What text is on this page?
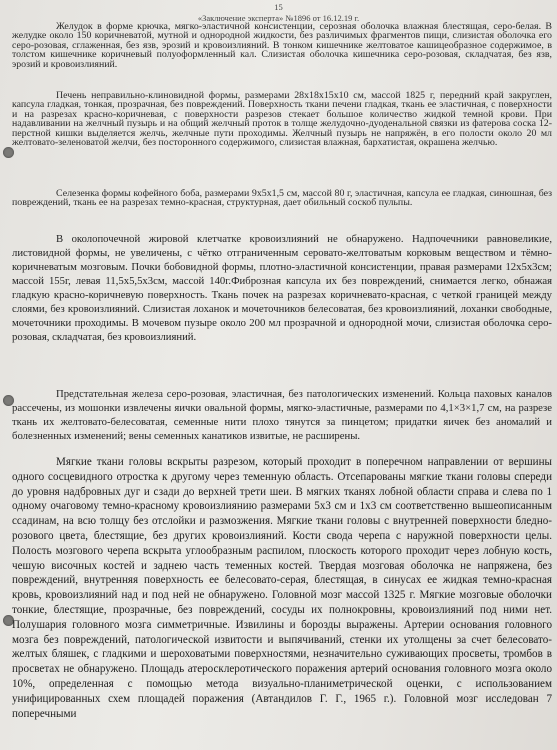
15
«Заключение эксперта» №1896 от 16.12.19 г.

Желудок в форме крючка, мягко-эластичной консистенции, серозная оболочка влажная блестящая, серо-белая. В желудке около 150 коричневатой, мутной и однородной жидкости, без различимых фрагментов пищи, слизистая оболочка его серо-розовая, сглаженная, без язв, эрозий и кровоизлияний. В тонком кишечнике желтоватое кашицеобразное содержимое, в толстом кишечнике коричневый полуоформленный кал. Слизистая оболочка кишечника серо-розовая, складчатая, без язв, эрозий и кровоизлияний.

Печень неправильно-клиновидной формы, размерами 28х18х15х10 см, массой 1825 г, передний край закруглен, капсула гладкая, тонкая, прозрачная, без повреждений. Поверхность ткани печени гладкая, ткань ее эластичная, с поверхности и на разрезах красно-коричневая, с поверхности разрезов стекает большое количество жидкой темной крови. При надавливании на желчный пузырь и на общий желчный проток в толще желудочно-дуоденальной связки из фатерова соска 12-перстной кишки выделяется желчь, желчные пути проходимы. Желчный пузырь не напряжён, в его полости около 20 мл желтовато-зеленоватой желчи, без посторонного содержимого, слизистая влажная, бархатистая, окрашена желчью.

Селезенка формы кофейного боба, размерами 9х5х1,5 см, массой 80 г, эластичная, капсула ее гладкая, синюшная, без повреждений, ткань ее на разрезах темно-красная, структурная, дает обильный соскоб пульпы.

В околопочечной жировой клетчатке кровоизлияний не обнаружено. Надпочечники равновеликие, листовидной формы, не увеличены, с чётко отграниченным серовато-желтоватым корковым веществом и тёмно-коричневатым мозговым. Почки бобовидной формы, плотно-эластичной консистенции, правая размерами 12х5х3см; массой 155г, левая 11,5х5,5х3см, массой 140г.Фиброзная капсула их без повреждений, снимается легко, обнажая гладкую красно-коричневую поверхность. Ткань почек на разрезах коричневато-красная, с четкой границей между слоями, без кровоизлияний. Слизистая лоханок и мочеточников белесоватая, без кровоизлияний, лоханки свободные, мочеточники проходимы. В мочевом пузыре около 200 мл прозрачной и однородной мочи, слизистая оболочка серо-розовая, складчатая, без кровоизлияний.

Предстательная железа серо-розовая, эластичная, без патологических изменений. Кольца паховых каналов рассечены, из мошонки извлечены яички овальной формы, мягко-эластичные, размерами по 4,1×3×1,7 см, на разрезе ткань их желтовато-белесоватая, семенные нити плохо тянутся за пинцетом; придатки яичек без аномалий и болезненных изменений; вены семенных канатиков извитые, не расширены.

Мягкие ткани головы вскрыты разрезом, который проходит в поперечном направлении от вершины одного сосцевидного отростка к другому через теменную область. Отсепарованы мягкие ткани головы спереди до уровня надбровных дуг и сзади до верхней трети шеи. В мягких тканях лобной области справа и слева по 1 одному очаговому темно-красному кровоизлиянию размерами 5х3 см и 1х3 см соответственно вышеописанным ссадинам, на всю толщу без отслойки и размозжения. Мягкие ткани головы с внутренней поверхности бледно-розового цвета, блестящие, без других кровоизлияний. Кости свода черепа с наружной поверхности целы. Полость мозгового черепа вскрыта углообразным распилом, плоскость которого проходит через лобную кость, чешую височных костей и заднею часть теменных костей. Твердая мозговая оболочка не напряжена, без повреждений, внутренняя поверхность ее белесовато-серая, блестящая, в синусах ее жидкая темно-красная кровь, кровоизлияний над и под ней не обнаружено. Головной мозг массой 1325 г. Мягкие мозговые оболочки тонкие, блестящие, прозрачные, без повреждений, сосуды их полнокровны, кровоизлияний под ними нет. Полушария головного мозга симметричные. Извилины и борозды выражены. Артерии основания головного мозга без повреждений, патологической извитости и выпячиваний, стенки их утолщены за счет белесовато-желтых бляшек, с гладкими и шероховатыми поверхностями, незначительно суживающих просветы, тромбов в просветах не обнаружено. Площадь атеросклеротического поражения артерий основания головного мозга около 10%, определенная с помощью метода визуально-планиметрической оценки, с использованием унифицированных схем площадей поражения (Автандилов Г. Г., 1965 г.). Головной мозг исследован 7 поперечными
